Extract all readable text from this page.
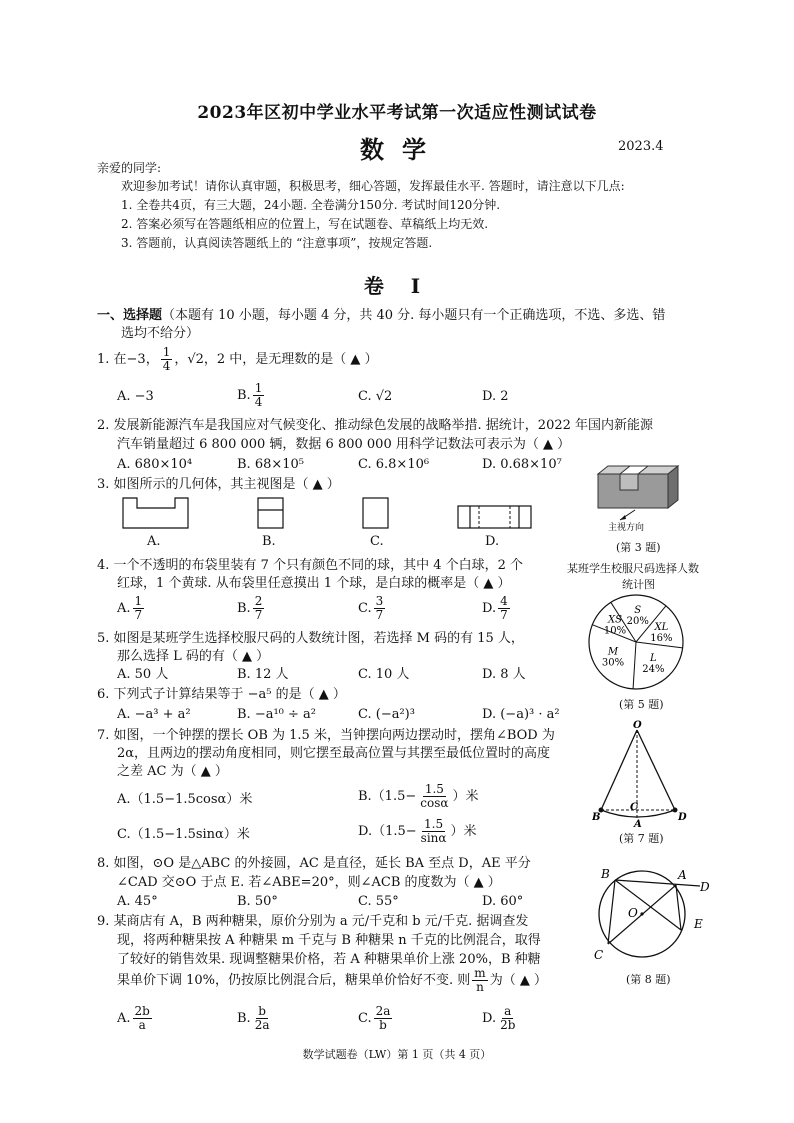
2023年区初中学业水平考试第一次适应性测试试卷
数学	2023.4
亲爱的同学:
欢迎参加考试！请你认真审题，积极思考，细心答题，发挥最佳水平. 答题时，请注意以下几点:
1. 全卷共4页，有三大题，24小题. 全卷满分150分. 考试时间120分钟.
2. 答案必须写在答题纸相应的位置上，写在试题卷、草稿纸上均无效.
3. 答题前，认真阅读答题纸上的 “注意事项”，按规定答题.
卷 Ⅰ
一、选择题（本题有 10 小题，每小题 4 分，共 40 分. 每小题只有一个正确选项，不选、多选、错
选均不给分）
1. 在−3， $\frac{1}{4}$ ，√2，2 中，是无理数的是（ ▲ ）
A. −3	B. $\frac{1}{4}$	C. √2	D. 2
2. 发展新能源汽车是我国应对气候变化、推动绿色发展的战略举措. 据统计，2022 年国内新能源
汽车销量超过 6 800 000 辆，数据 6 800 000 用科学记数法可表示为（ ▲ ）
A. 680×10⁴	B. 68×10⁵	C. 6.8×10⁶	D. 0.68×10⁷
3. 如图所示的几何体，其主视图是（ ▲ ）
A.	B.	C.	D.
主视方向
(第 3 题)
4. 一个不透明的布袋里装有 7 个只有颜色不同的球，其中 4 个白球，2 个
红球，1 个黄球. 从布袋里任意摸出 1 个球，是白球的概率是（ ▲ ）
A. $\frac{1}{7}$	B. $\frac{2}{7}$	C. $\frac{3}{7}$	D. $\frac{4}{7}$
5. 如图是某班学生选择校服尺码的人数统计图，若选择 M 码的有 15 人，
那么选择 L 码的有（ ▲ ）
A. 50 人	B. 12 人	C. 10 人	D. 8 人
某班学生校服尺码选择人数
统计图
S
20%
XL
16%
L
24%
M
30%
XS
10%
(第 5 题)
6. 下列式子计算结果等于 −a⁵ 的是（ ▲ ）
A. −a³ + a²	B. −a¹⁰ ÷ a²	C. (−a²)³	D. (−a)³ · a²
7. 如图，一个钟摆的摆长 OB 为 1.5 米，当钟摆向两边摆动时，摆角∠BOD 为
2α，且两边的摆动角度相同，则它摆至最高位置与其摆至最低位置时的高度
之差 AC 为（ ▲ ）
A.（1.5−1.5cosα）米	$B.(1.5- \frac{1.5}{\cos\alpha}$ ）米
C.（1.5−1.5sinα）米	$D.(1.5- \frac{1.5}{\sin\alpha}$ ）米
O
B
C
A
D
(第 7 题)
8. 如图，⊙O 是△ABC 的外接圆，AC 是直径，延长 BA 至点 D，AE 平分
∠CAD 交⊙O 于点 E. 若∠ABE=20°，则∠ACB 的度数为（ ▲ ）
A. 45°	B. 50°	C. 55°	D. 60°
B	A
D
O
E
C
(第 8 题)
9. 某商店有 A，B 两种糖果，原价分别为 a 元/千克和 b 元/千克. 据调查发
现，将两种糖果按 A 种糖果 m 千克与 B 种糖果 n 千克的比例混合，取得
了较好的销售效果. 现调整糖果价格，若 A 种糖果单价上涨 20%，B 种糖
果单价下调 10%，仍按原比例混合后，糖果单价恰好不变. 则 $\frac{m}{n}$ 为（ ▲ ）
A. $\frac{2b}{a}$	B. $\frac{b}{2a}$	C. $\frac{2a}{b}$	D. $\frac{a}{2b}$
数学试题卷（LW）第 1 页（共 4 页）
